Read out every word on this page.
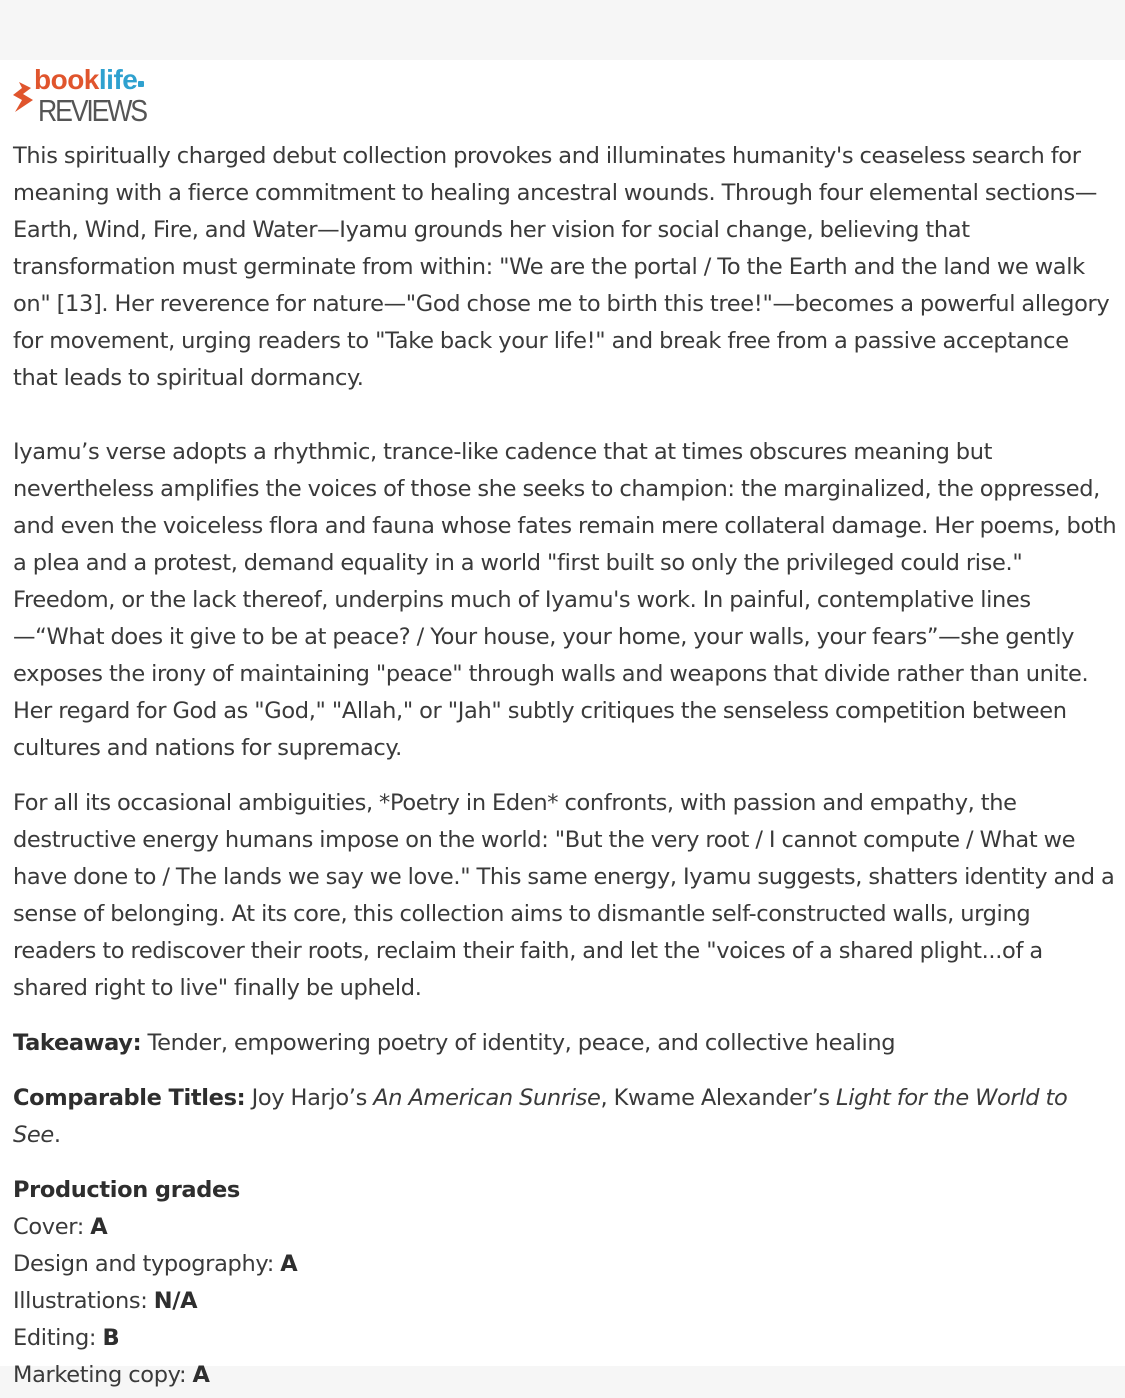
booklife
REVIEWS

This spiritually charged debut collection provokes and illuminates humanity's ceaseless search for meaning with a fierce commitment to healing ancestral wounds. Through four elemental sections—Earth, Wind, Fire, and Water—Iyamu grounds her vision for social change, believing that transformation must germinate from within: "We are the portal / To the Earth and the land we walk on" [13]. Her reverence for nature—"God chose me to birth this tree!"—becomes a powerful allegory for movement, urging readers to "Take back your life!" and break free from a passive acceptance that leads to spiritual dormancy.

Iyamu’s verse adopts a rhythmic, trance-like cadence that at times obscures meaning but nevertheless amplifies the voices of those she seeks to champion: the marginalized, the oppressed, and even the voiceless flora and fauna whose fates remain mere collateral damage. Her poems, both a plea and a protest, demand equality in a world "first built so only the privileged could rise." Freedom, or the lack thereof, underpins much of Iyamu's work. In painful, contemplative lines—“What does it give to be at peace? / Your house, your home, your walls, your fears”—she gently exposes the irony of maintaining "peace" through walls and weapons that divide rather than unite. Her regard for God as "God," "Allah," or "Jah" subtly critiques the senseless competition between cultures and nations for supremacy.

For all its occasional ambiguities, *Poetry in Eden* confronts, with passion and empathy, the destructive energy humans impose on the world: "But the very root / I cannot compute / What we have done to / The lands we say we love." This same energy, Iyamu suggests, shatters identity and a sense of belonging. At its core, this collection aims to dismantle self-constructed walls, urging readers to rediscover their roots, reclaim their faith, and let the "voices of a shared plight...of a shared right to live" finally be upheld.

Takeaway: Tender, empowering poetry of identity, peace, and collective healing

Comparable Titles: Joy Harjo’s An American Sunrise, Kwame Alexander’s Light for the World to See.

Production grades

Cover: A

Design and typography: A

Illustrations: N/A

Editing: B

Marketing copy: A
